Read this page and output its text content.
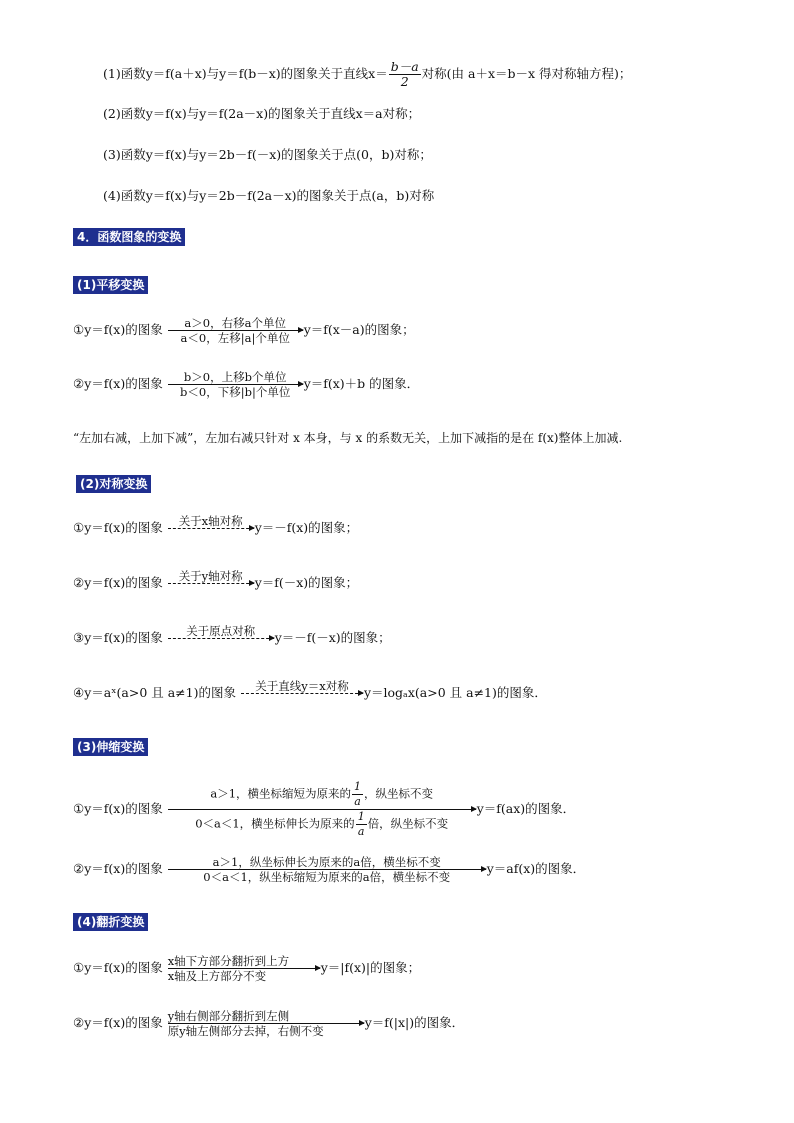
(1)函数y＝f(a＋x)与y＝f(b－x)的图象关于直线$x= \frac{b-a}{2}$ 对称(由 a＋x＝b－x 得对称轴方程)；
(2)函数y＝f(x)与y＝f(2a－x)的图象关于直线x＝a对称；
(3)函数y＝f(x)与y＝2b－f(－x)的图象关于点(0，b)对称；
(4)函数y＝f(x)与y＝2b－f(2a－x)的图象关于点(a，b)对称
4．函数图象的变换
(1)平移变换
①y＝f(x)的图象	a＞0，右移a个单位
a＜0，左移|a|个单位
y＝f(x－a)的图象；
②y＝f(x)的图象	b＞0，上移b个单位
b＜0，下移|b|个单位
y＝f(x)＋b 的图象．
“左加右减，上加下减”，左加右减只针对 x 本身，与 x 的系数无关，上加下减指的是在 f(x)整体上加减.
(2)对称变换
①y＝f(x)的图象	关于x轴对称 y＝－f(x)的图象；
②y＝f(x)的图象	关于y轴对称 y＝f(－x)的图象；
③y＝f(x)的图象	关于原点对称	y＝－f(－x)的图象；
④y＝aˣ(a>0 且 a≠1)的图象	关于直线y＝x对称	y＝logₐx(a>0 且 a≠1)的图象．
(3)伸缩变换
①y＝f(x)的图象
a＞1，横坐标缩短为原来的 $\frac{1}{a}$ ，纵坐标不变
0＜a＜1，横坐标伸长为原来的 $\frac{1}{a}$ 倍，纵坐标不变
y＝f(ax)的图象．
②y＝f(x)的图象	a＞1，纵坐标伸长为原来的a倍，横坐标不变
0＜a＜1，纵坐标缩短为原来的a倍，横坐标不变
y＝af(x)的图象．
(4)翻折变换
①y＝f(x)的图象 x轴下方部分翻折到上方
x轴及上方部分不变
y＝|f(x)|的图象；
②y＝f(x)的图象 y轴右侧部分翻折到左侧
原y轴左侧部分去掉，右侧不变
y＝f(|x|)的图象．
